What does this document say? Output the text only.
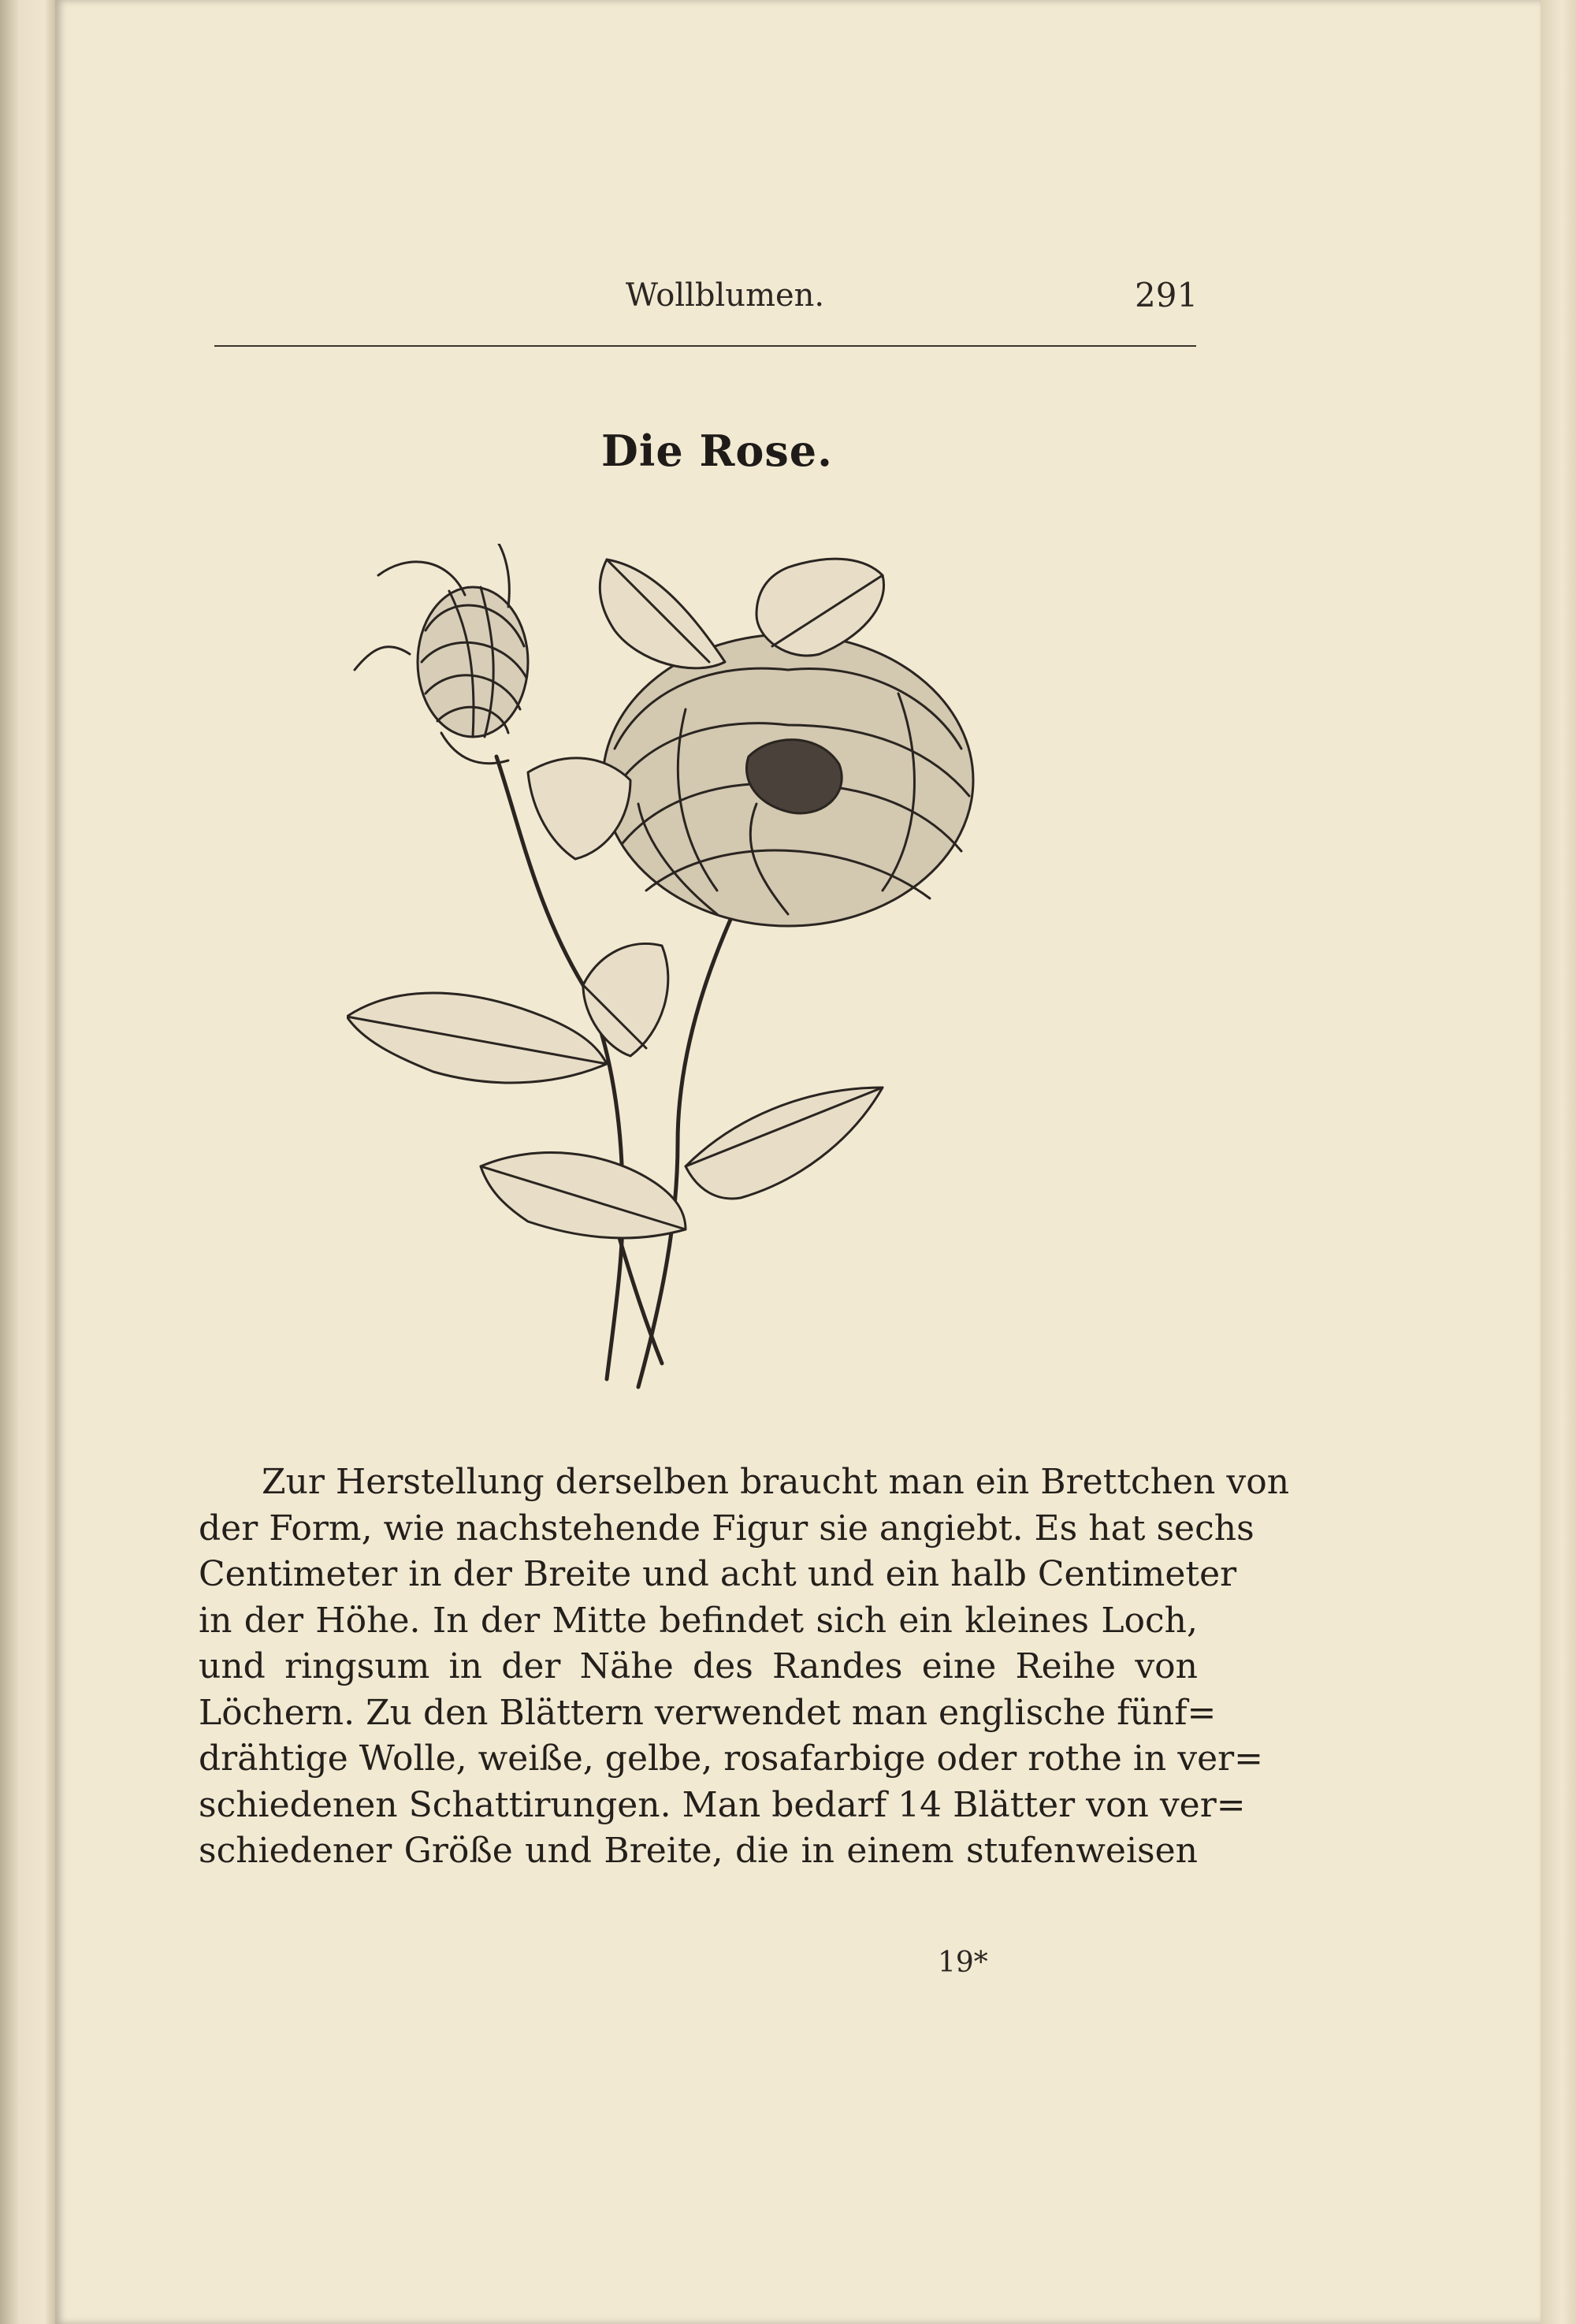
Wollblumen.	291
Die Rose.
Zur Herstellung derselben braucht man ein Brettchen von
der Form, wie nachstehende Figur sie angiebt. Es hat sechs
Centimeter in der Breite und acht und ein halb Centimeter
in der Höhe. In der Mitte befindet sich ein kleines Loch,
und ringsum in der Nähe des Randes eine Reihe von
Löchern. Zu den Blättern verwendet man englische fünf=
drähtige Wolle, weiße, gelbe, rosafarbige oder rothe in ver=
schiedenen Schattirungen. Man bedarf 14 Blätter von ver=
schiedener Größe und Breite, die in einem stufenweisen
19*
